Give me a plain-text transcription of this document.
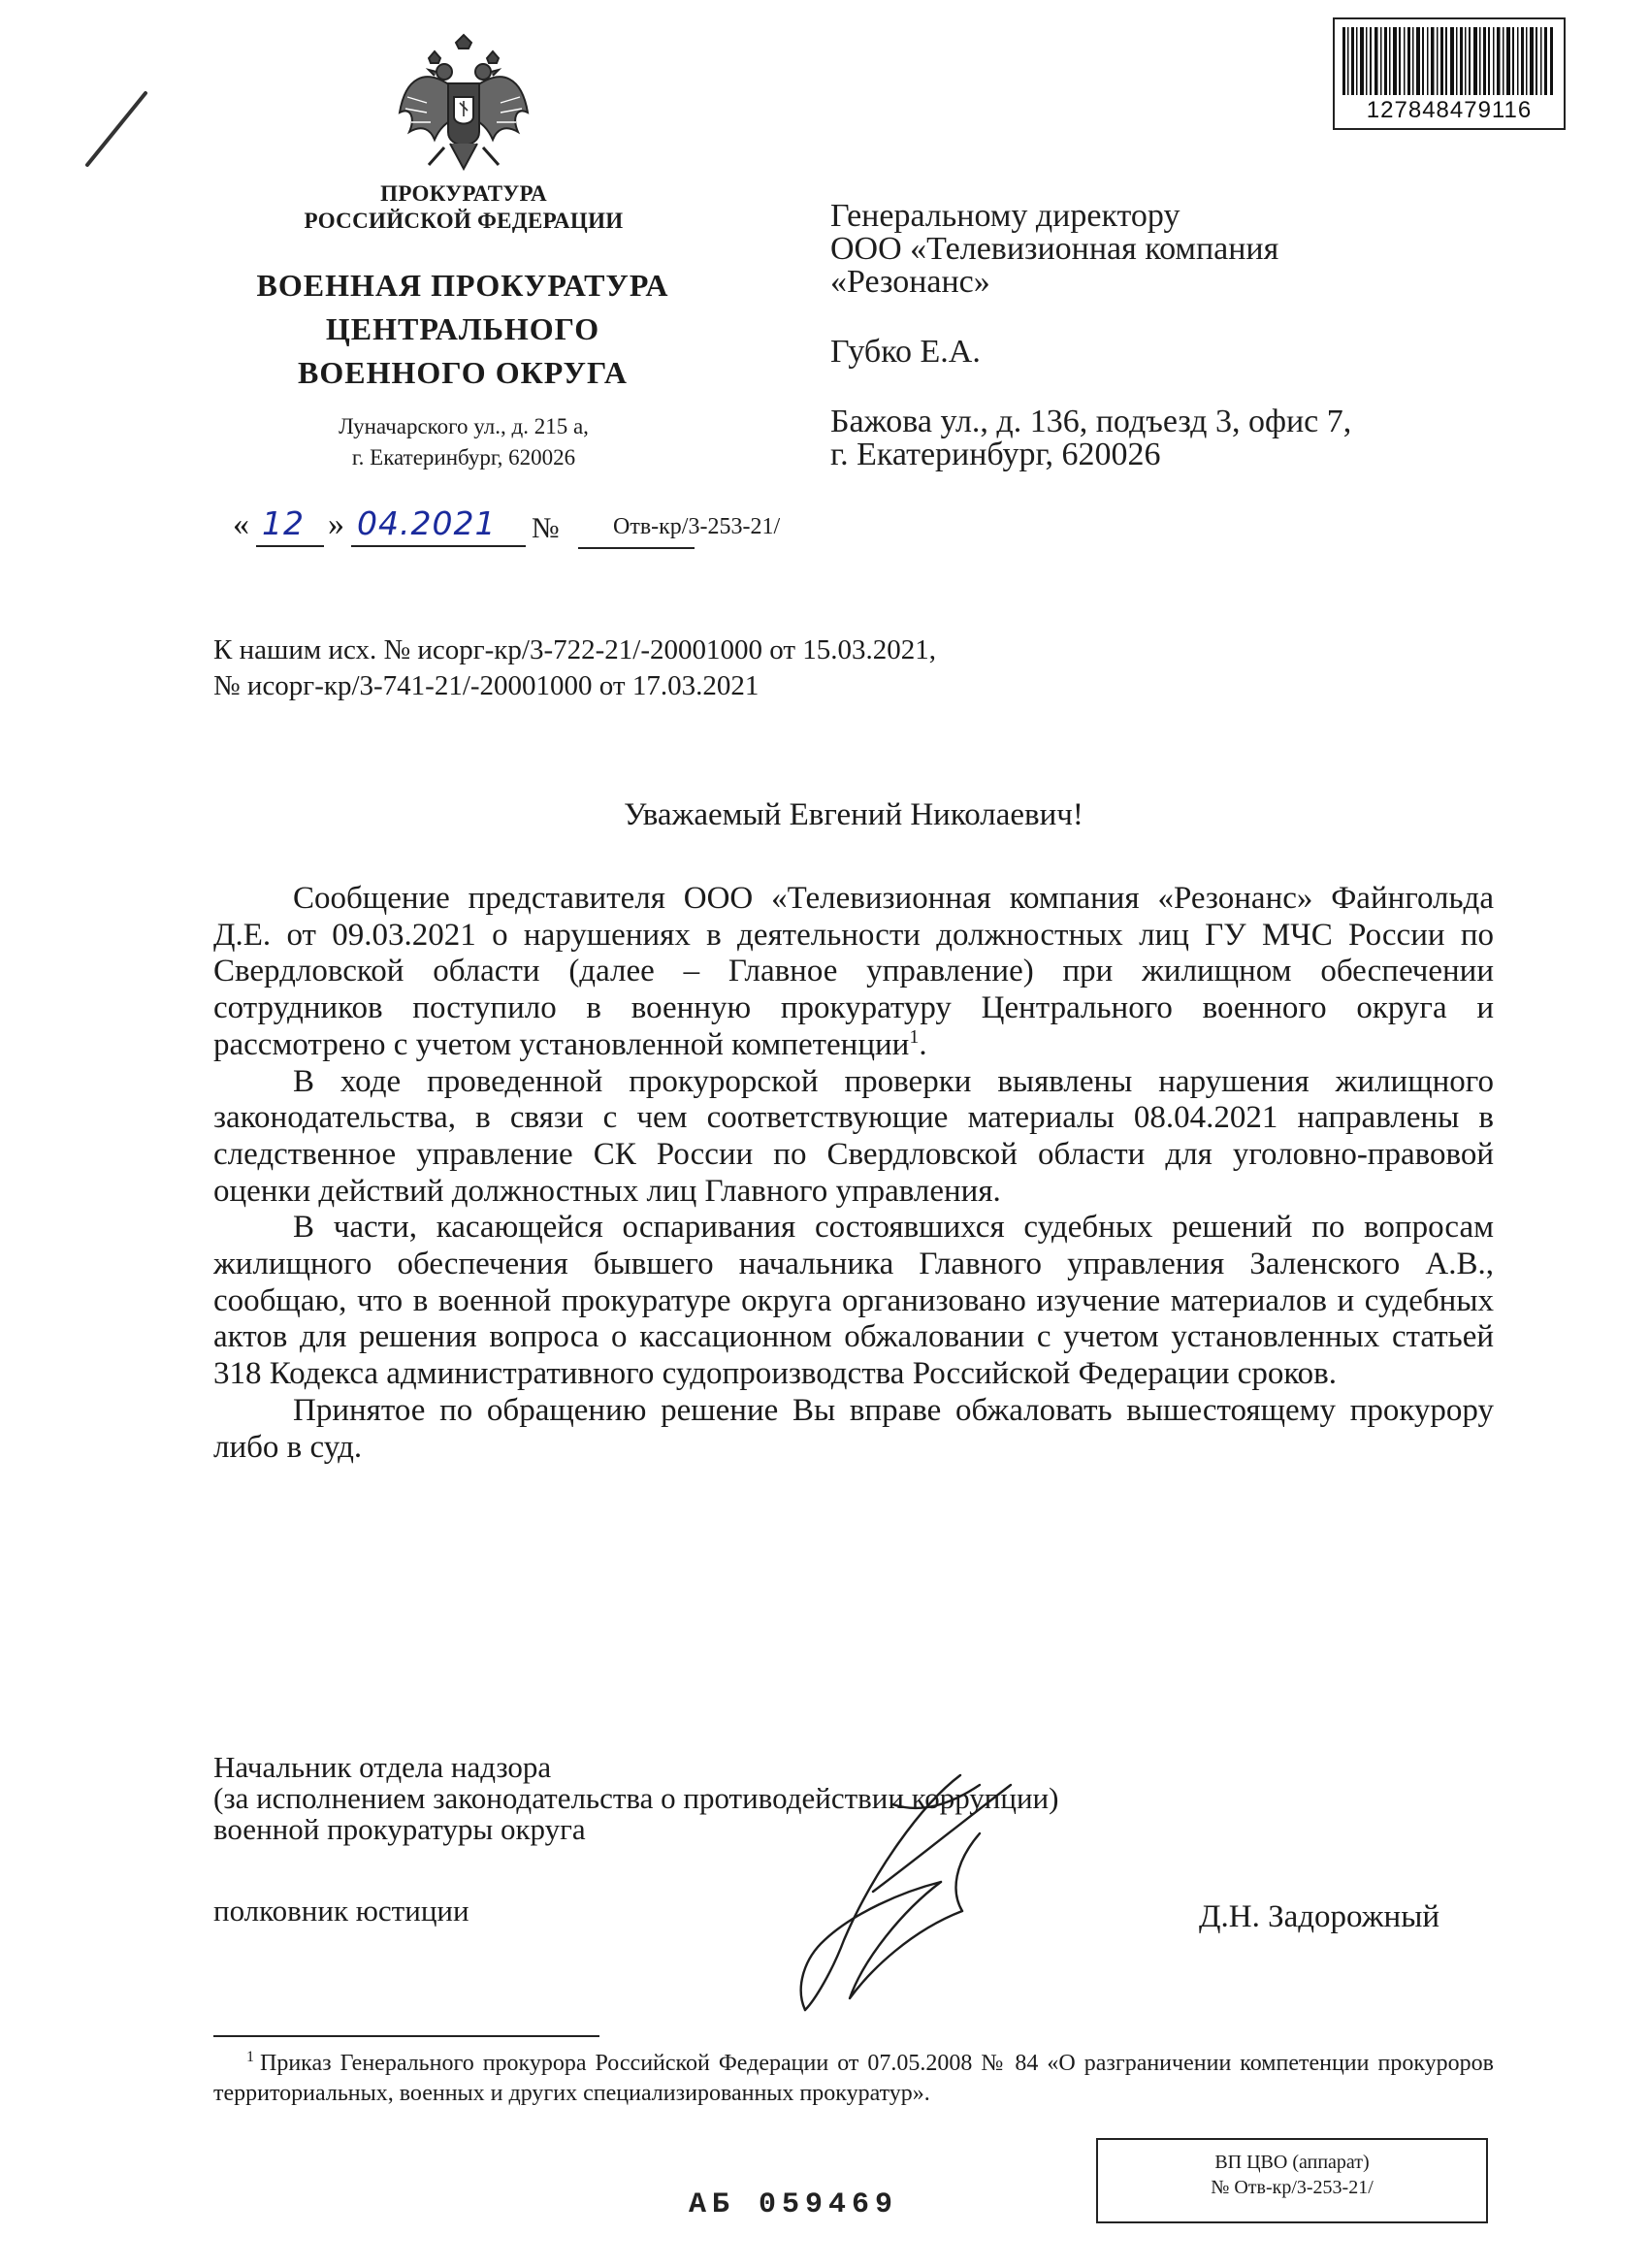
127848479116
ПРОКУРАТУРА
РОССИЙСКОЙ ФЕДЕРАЦИИ
ВОЕННАЯ ПРОКУРАТУРА
ЦЕНТРАЛЬНОГО
ВОЕННОГО ОКРУГА
Луначарского ул., д. 215 а,
г. Екатеринбург, 620026
« 12 » 04.2021 № Отв-кр/3-253-21/
Генеральному директору
ООО «Телевизионная компания
«Резонанс»
Губко Е.А.
Бажова ул., д. 136, подъезд 3, офис 7,
г. Екатеринбург, 620026
К нашим исх. № исорг-кр/3-722-21/-20001000 от 15.03.2021,
№ исорг-кр/3-741-21/-20001000 от 17.03.2021
Уважаемый Евгений Николаевич!

Сообщение представителя ООО «Телевизионная компания «Резонанс» Файнгольда Д.Е. от 09.03.2021 о нарушениях в деятельности должностных лиц ГУ МЧС России по Свердловской области (далее – Главное управление) при жилищном обеспечении сотрудников поступило в военную прокуратуру Центрального военного округа и рассмотрено с учетом установленной компетенции$^1$.

В ходе проведенной прокурорской проверки выявлены нарушения жилищного законодательства, в связи с чем соответствующие материалы 08.04.2021 направлены в следственное управление СК России по Свердловской области для уголовно-правовой оценки действий должностных лиц Главного управления.

В части, касающейся оспаривания состоявшихся судебных решений по вопросам жилищного обеспечения бывшего начальника Главного управления Заленского А.В., сообщаю, что в военной прокуратуре округа организовано изучение материалов и судебных актов для решения вопроса о кассационном обжаловании с учетом установленных статьей 318 Кодекса административного судопроизводства Российской Федерации сроков.

Принятое по обращению решение Вы вправе обжаловать вышестоящему прокурору либо в суд.

Начальник отдела надзора
(за исполнением законодательства о противодействии коррупции)
военной прокуратуры округа
полковник юстиции	Д.Н. Задорожный
$^1$ Приказ Генерального прокурора Российской Федерации от 07.05.2008 № 84 «О разграничении компетенции прокуроров территориальных, военных и других специализированных прокуратур».
ВП ЦВО (аппарат)
№ Отв-кр/3-253-21/
АБ 059469
